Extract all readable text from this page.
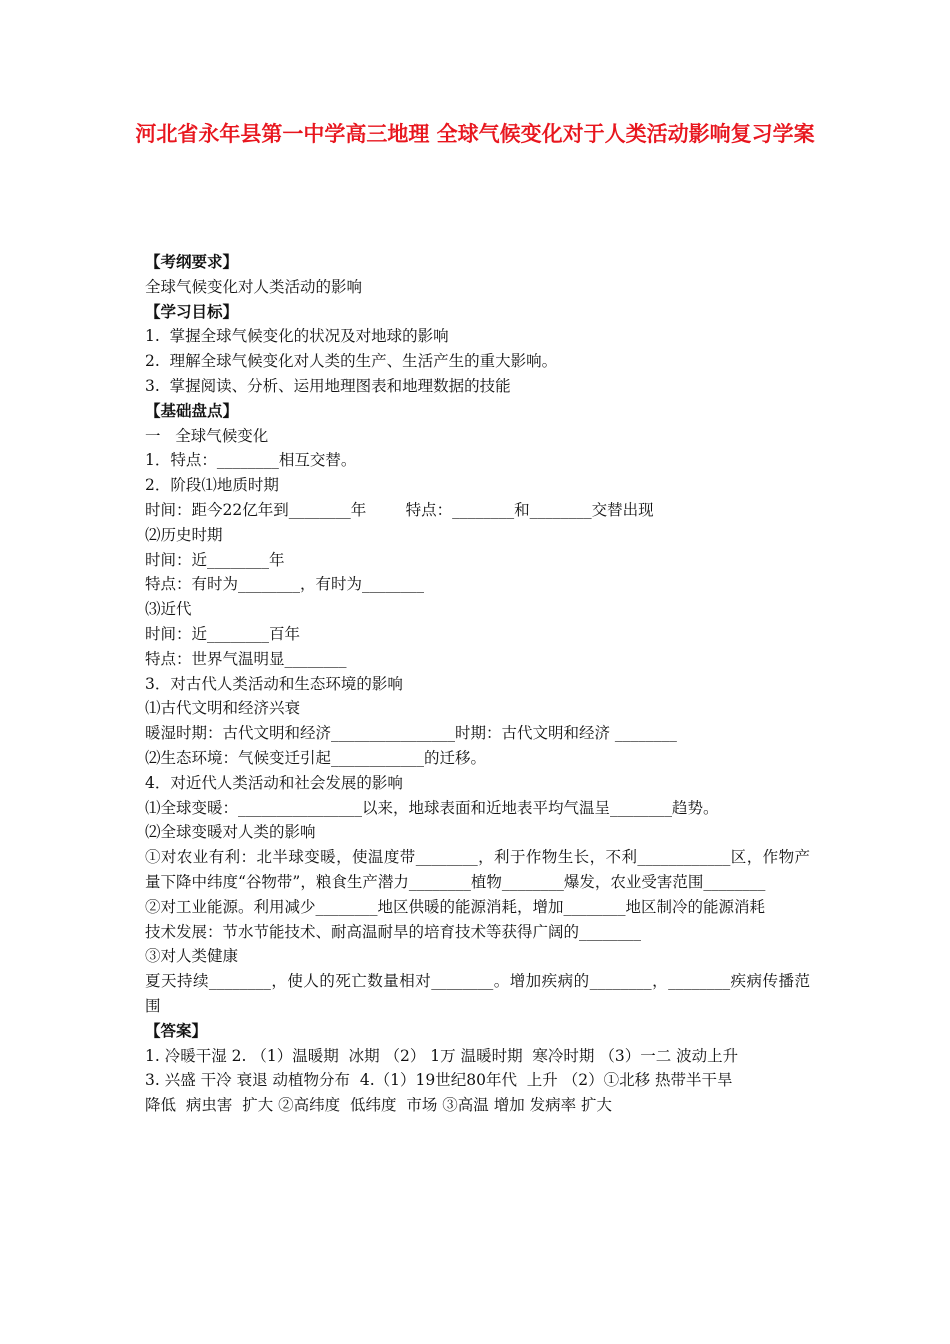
河北省永年县第一中学高三地理 全球气候变化对于人类活动影响复习学案

【考纲要求】

全球气候变化对人类活动的影响

【学习目标】

1.  掌握全球气候变化的状况及对地球的影响

2.  理解全球气候变化对人类的生产、生活产生的重大影响。

3.  掌握阅读、分析、运用地理图表和地理数据的技能

【基础盘点】

一   全球气候变化

1．特点：________相互交替。

2．阶段⑴地质时期

时间：距今22亿年到________年        特点：________和________交替出现

⑵历史时期

时间：近________年

特点：有时为________，有时为________

⑶近代

时间：近________百年

特点：世界气温明显________

3．对古代人类活动和生态环境的影响

⑴古代文明和经济兴衰

暖湿时期：古代文明和经济________________时期：古代文明和经济 ________

⑵生态环境：气候变迁引起____________的迁移。

4．对近代人类活动和社会发展的影响

⑴全球变暖：________________以来，地球表面和近地表平均气温呈________趋势。

⑵全球变暖对人类的影响

①对农业有利：北半球变暖，使温度带________，利于作物生长，不利____________区，作物产量下降中纬度“谷物带”，粮食生产潜力________植物________爆发，农业受害范围________

②对工业能源。利用减少________地区供暖的能源消耗，增加________地区制冷的能源消耗

技术发展：节水节能技术、耐高温耐旱的培育技术等获得广阔的________

③对人类健康

夏天持续________，使人的死亡数量相对________。增加疾病的________，________疾病传播范围

【答案】

1. 冷暖干湿 2. （1）温暖期  冰期 （2） 1万 温暖时期  寒冷时期 （3）一二 波动上升

3. 兴盛 干冷 衰退 动植物分布  4.（1）19世纪80年代  上升 （2）①北移 热带半干旱

降低  病虫害  扩大 ②高纬度  低纬度  市场 ③高温 增加 发病率 扩大
